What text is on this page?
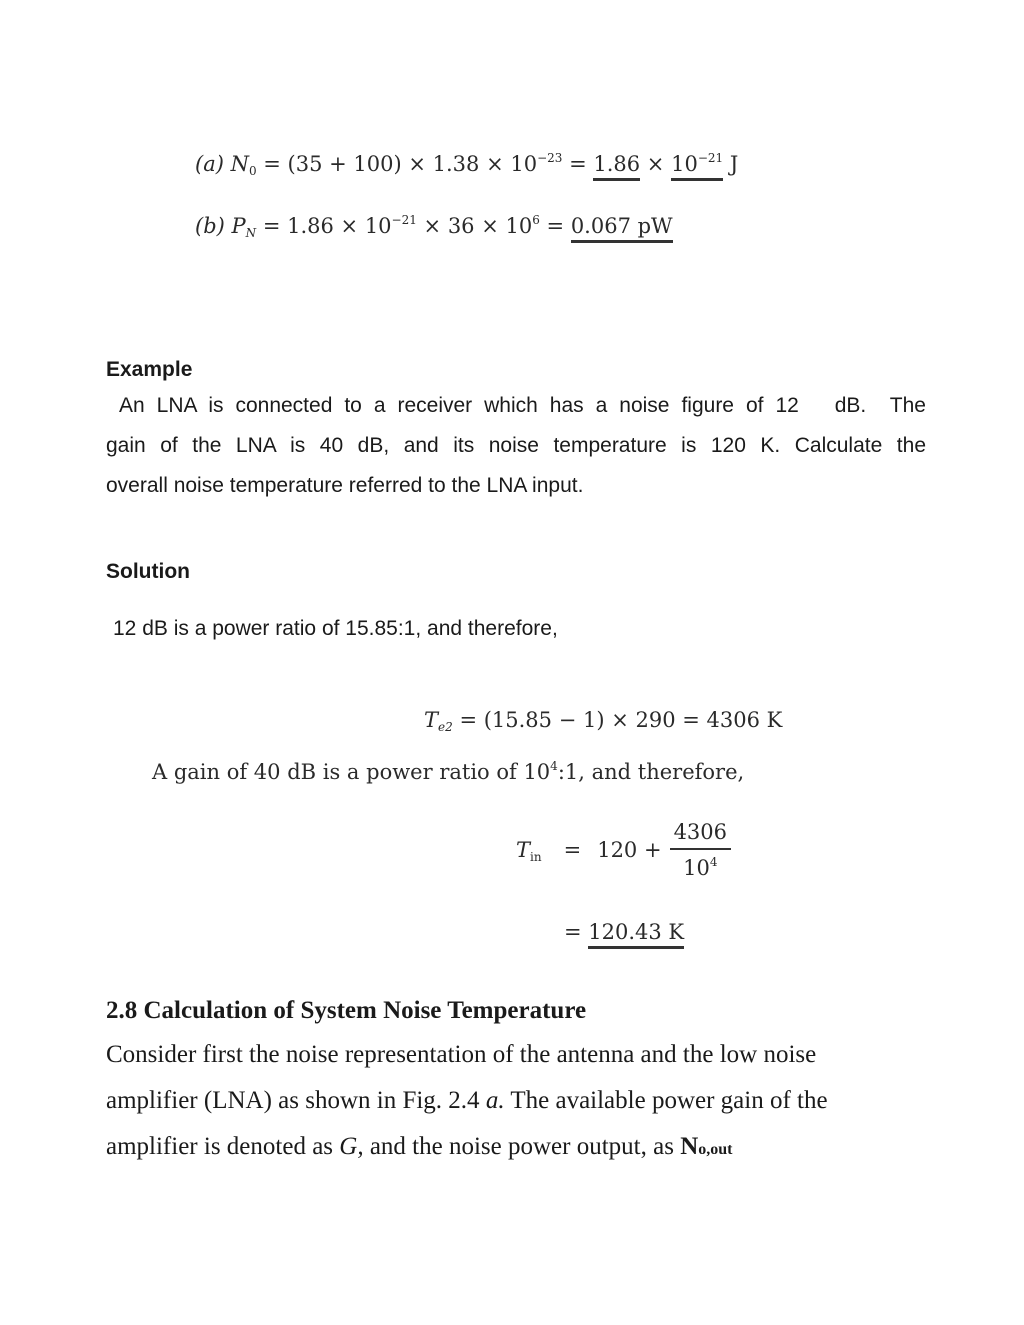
(a) $N_0 = (35 + 100) \times 1.38 \times 10^{-23} = 1.86 \times 10^{-21}$ J
(b) $P_N = 1.86 \times 10^{-21} \times 36 \times 10^6 = 0.067$ pW
Example
An LNA is connected to a receiver which has a noise figure of 12   dB.  The
gain of the LNA is 40 dB, and its noise temperature is 120 K. Calculate the
overall noise temperature referred to the LNA input.
Solution
12 dB is a power ratio of 15.85:1, and therefore,
$T_{e2} = (15.85 - 1) \times 290 = 4306$ K
A gain of 40 dB is a power ratio of $10^4:1$, and therefore,
$T_{in} = 120 + \frac{4306}{10^4}$
= 120.43 K
2.8 Calculation of System Noise Temperature
Consider first the noise representation of the antenna and the low noise
amplifier (LNA) as shown in Fig. 2.4 a. The available power gain of the
amplifier is denoted as G, and the noise power output, as No,out
